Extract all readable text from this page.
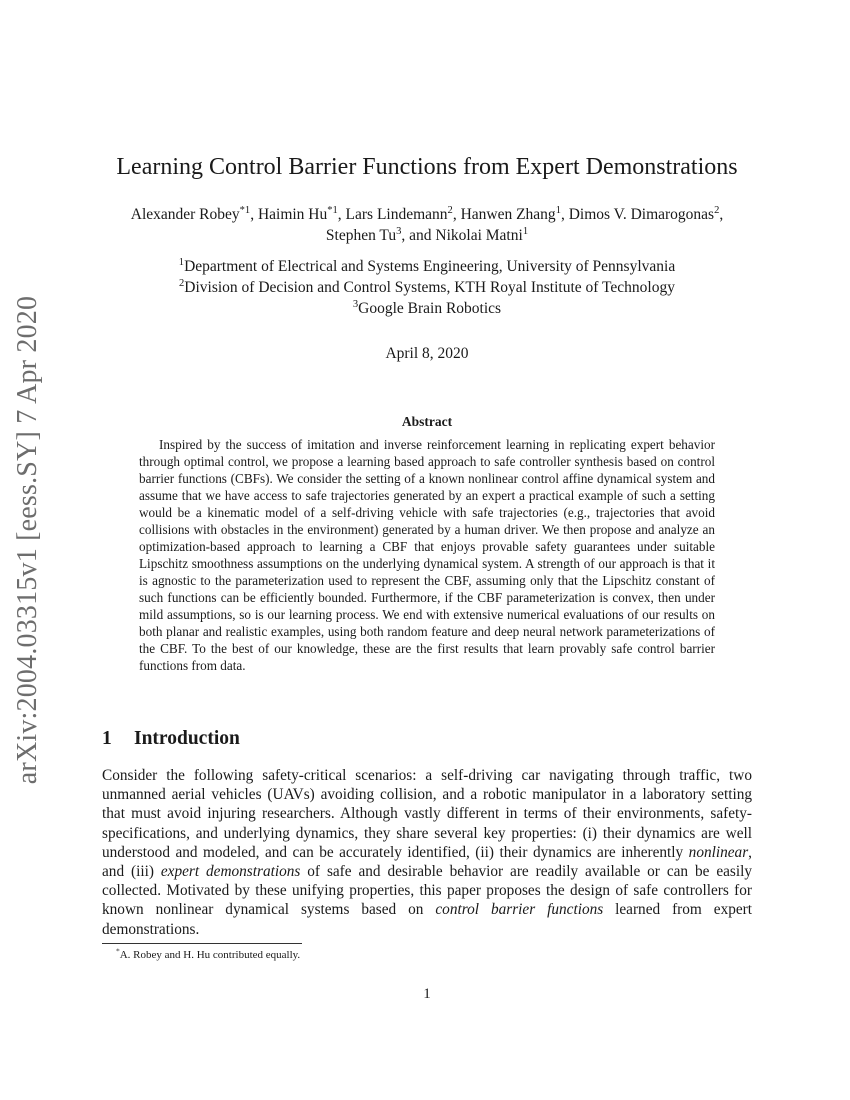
arXiv:2004.03315v1 [eess.SY] 7 Apr 2020
Learning Control Barrier Functions from Expert Demonstrations
Alexander Robey$^{*1}$, Haimin Hu$^{*1}$, Lars Lindemann$^2$, Hanwen Zhang$^1$, Dimos V. Dimarogonas$^2$, Stephen Tu$^3$, and Nikolai Matni$^1$
$^1$Department of Electrical and Systems Engineering, University of Pennsylvania
$^2$Division of Decision and Control Systems, KTH Royal Institute of Technology
$^3$Google Brain Robotics
April 8, 2020
Abstract

Inspired by the success of imitation and inverse reinforcement learning in replicating expert behavior through optimal control, we propose a learning based approach to safe controller synthesis based on control barrier functions (CBFs). We consider the setting of a known nonlinear control affine dynamical system and assume that we have access to safe trajectories generated by an expert a practical example of such a setting would be a kinematic model of a self-driving vehicle with safe trajectories (e.g., trajectories that avoid collisions with obstacles in the environment) generated by a human driver. We then propose and analyze an optimization-based approach to learning a CBF that enjoys provable safety guarantees under suitable Lipschitz smoothness assumptions on the underlying dynamical system. A strength of our approach is that it is agnostic to the parameterization used to represent the CBF, assuming only that the Lipschitz constant of such functions can be efficiently bounded. Furthermore, if the CBF parameterization is convex, then under mild assumptions, so is our learning process. We end with extensive numerical evaluations of our results on both planar and realistic examples, using both random feature and deep neural network parameterizations of the CBF. To the best of our knowledge, these are the first results that learn provably safe control barrier functions from data.

1 Introduction

Consider the following safety-critical scenarios: a self-driving car navigating through traffic, two unmanned aerial vehicles (UAVs) avoiding collision, and a robotic manipulator in a laboratory setting that must avoid injuring researchers. Although vastly different in terms of their environments, safety-specifications, and underlying dynamics, they share several key properties: (i) their dynamics are well understood and modeled, and can be accurately identified, (ii) their dynamics are inherently nonlinear, and (iii) expert demonstrations of safe and desirable behavior are readily available or can be easily collected. Motivated by these unifying properties, this paper proposes the design of safe controllers for known nonlinear dynamical systems based on control barrier functions learned from expert demonstrations.

*A. Robey and H. Hu contributed equally.
1
